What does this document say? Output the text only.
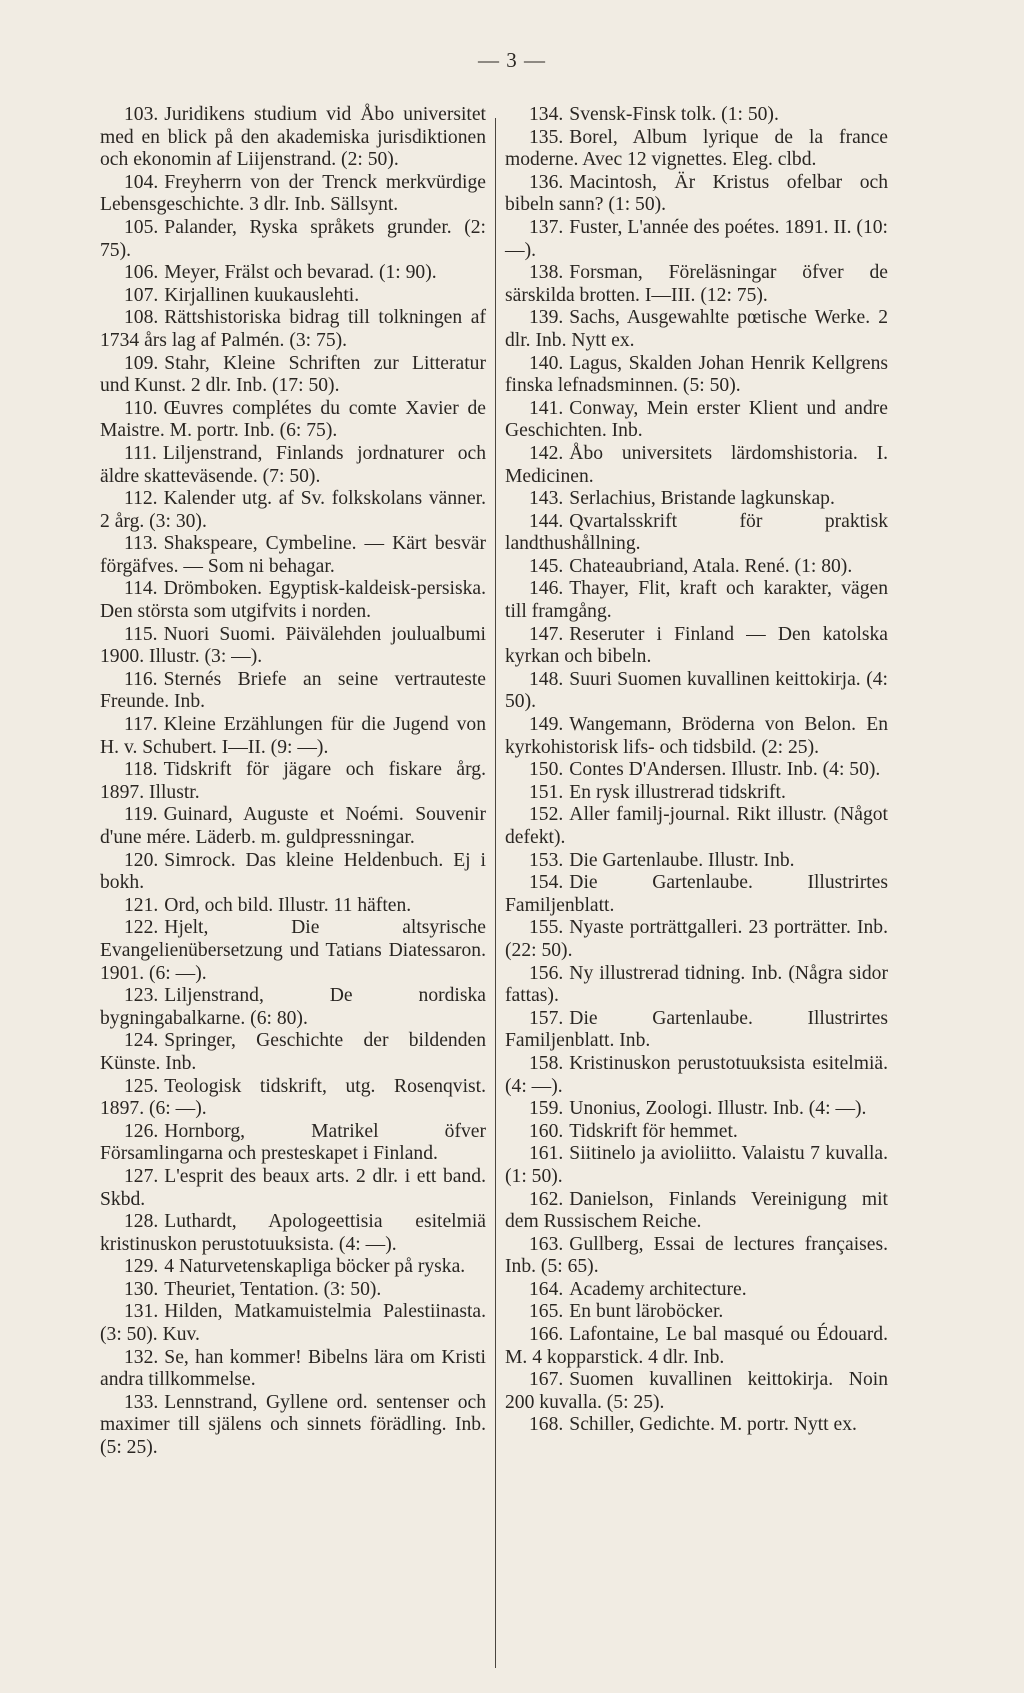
— 3 —

103. Juridikens studium vid Åbo universitet med en blick på den akademiska jurisdiktionen och ekonomin af Liijenstrand. (2: 50).

104. Freyherrn von der Trenck merkvürdige Lebensgeschichte. 3 dlr. Inb. Sällsynt.

105. Palander, Ryska språkets grunder. (2: 75).

106. Meyer, Frälst och bevarad. (1: 90).

107. Kirjallinen kuukauslehti.

108. Rättshistoriska bidrag till tolkningen af 1734 års lag af Palmén. (3: 75).

109. Stahr, Kleine Schriften zur Litteratur und Kunst. 2 dlr. Inb. (17: 50).

110. Œuvres complétes du comte Xavier de Maistre. M. portr. Inb. (6: 75).

111. Liljenstrand, Finlands jordnaturer och äldre skatteväsende. (7: 50).

112. Kalender utg. af Sv. folkskolans vänner. 2 årg. (3: 30).

113. Shakspeare, Cymbeline. — Kärt besvär förgäfves. — Som ni behagar.

114. Drömboken. Egyptisk-kaldeisk-persiska. Den största som utgifvits i norden.

115. Nuori Suomi. Päivälehden joulualbumi 1900. Illustr. (3: —).

116. Sternés Briefe an seine vertrauteste Freunde. Inb.

117. Kleine Erzählungen für die Jugend von H. v. Schubert. I—II. (9: —).

118. Tidskrift för jägare och fiskare årg. 1897. Illustr.

119. Guinard, Auguste et Noémi. Souvenir d'une mére. Läderb. m. guldpressningar.

120. Simrock. Das kleine Heldenbuch. Ej i bokh.

121. Ord, och bild. Illustr. 11 häften.

122. Hjelt, Die altsyrische Evangelienübersetzung und Tatians Diatessaron. 1901. (6: —).

123. Liljenstrand, De nordiska bygningabalkarne. (6: 80).

124. Springer, Geschichte der bildenden Künste. Inb.

125. Teologisk tidskrift, utg. Rosenqvist. 1897. (6: —).

126. Hornborg, Matrikel öfver Församlingarna och presteskapet i Finland.

127. L'esprit des beaux arts. 2 dlr. i ett band. Skbd.

128. Luthardt, Apologeettisia esitelmiä kristinuskon perustotuuksista. (4: —).

129. 4 Naturvetenskapliga böcker på ryska.

130. Theuriet, Tentation. (3: 50).

131. Hilden, Matkamuistelmia Palestiinasta. (3: 50). Kuv.

132. Se, han kommer! Bibelns lära om Kristi andra tillkommelse.

133. Lennstrand, Gyllene ord. sentenser och maximer till själens och sinnets förädling. Inb. (5: 25).

134. Svensk-Finsk tolk. (1: 50).

135. Borel, Album lyrique de la france moderne. Avec 12 vignettes. Eleg. clbd.

136. Macintosh, Är Kristus ofelbar och bibeln sann? (1: 50).

137. Fuster, L'année des poétes. 1891. II. (10: —).

138. Forsman, Föreläsningar öfver de särskilda brotten. I—III. (12: 75).

139. Sachs, Ausgewahlte pœtische Werke. 2 dlr. Inb. Nytt ex.

140. Lagus, Skalden Johan Henrik Kellgrens finska lefnadsminnen. (5: 50).

141. Conway, Mein erster Klient und andre Geschichten. Inb.

142. Åbo universitets lärdomshistoria. I. Medicinen.

143. Serlachius, Bristande lagkunskap.

144. Qvartalsskrift för praktisk landthushållning.

145. Chateaubriand, Atala. René. (1: 80).

146. Thayer, Flit, kraft och karakter, vägen till framgång.

147. Reseruter i Finland — Den katolska kyrkan och bibeln.

148. Suuri Suomen kuvallinen keittokirja. (4: 50).

149. Wangemann, Bröderna von Belon. En kyrkohistorisk lifs- och tidsbild. (2: 25).

150. Contes D'Andersen. Illustr. Inb. (4: 50).

151. En rysk illustrerad tidskrift.

152. Aller familj-journal. Rikt illustr. (Något defekt).

153. Die Gartenlaube. Illustr. Inb.

154. Die Gartenlaube. Illustrirtes Familjenblatt.

155. Nyaste porträttgalleri. 23 porträtter. Inb. (22: 50).

156. Ny illustrerad tidning. Inb. (Några sidor fattas).

157. Die Gartenlaube. Illustrirtes Familjenblatt. Inb.

158. Kristinuskon perustotuuksista esitelmiä. (4: —).

159. Unonius, Zoologi. Illustr. Inb. (4: —).

160. Tidskrift för hemmet.

161. Siitinelo ja avioliitto. Valaistu 7 kuvalla. (1: 50).

162. Danielson, Finlands Vereinigung mit dem Russischem Reiche.

163. Gullberg, Essai de lectures françaises. Inb. (5: 65).

164. Academy architecture.

165. En bunt läroböcker.

166. Lafontaine, Le bal masqué ou Édouard. M. 4 kopparstick. 4 dlr. Inb.

167. Suomen kuvallinen keittokirja. Noin 200 kuvalla. (5: 25).

168. Schiller, Gedichte. M. portr. Nytt ex.
